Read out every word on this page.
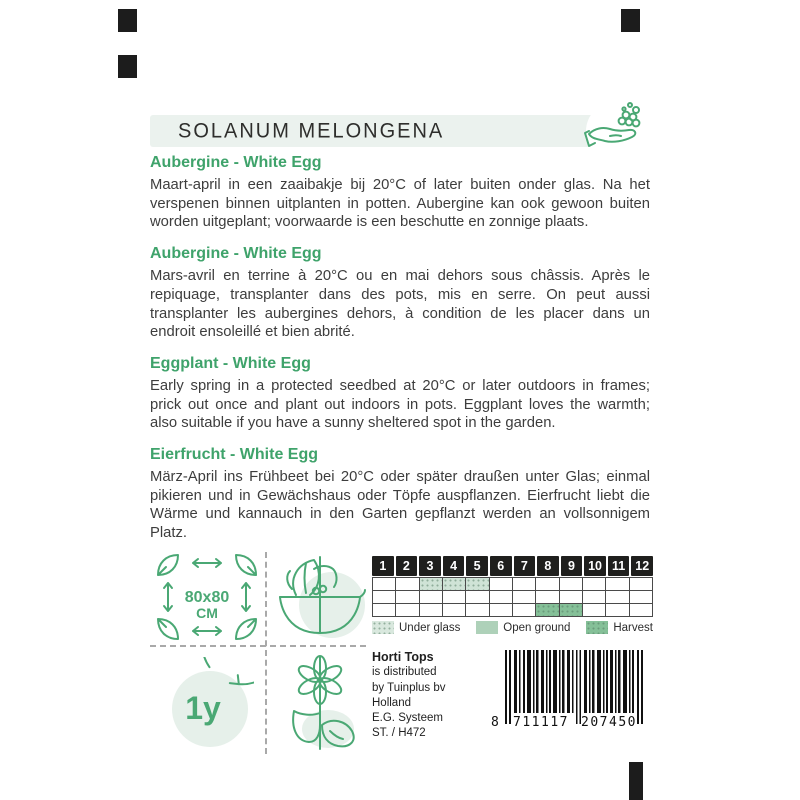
SOLANUM MELONGENA
Aubergine - White Egg

Maart-april in een zaaibakje bij 20°C of later buiten onder glas. Na het verspenen binnen uitplanten in potten. Aubergine kan ook gewoon buiten worden uitgeplant; voorwaarde is een beschutte en zonnige plaats.

Aubergine - White Egg

Mars-avril en terrine à 20°C ou en mai dehors sous châssis. Après le repiquage, transplanter dans des pots, mis en serre. On peut aussi transplanter les aubergines dehors, à condition de les placer dans un endroit ensoleillé et bien abrité.

Eggplant - White Egg

Early spring in a protected seedbed at 20°C or later outdoors in frames; prick out once and plant out indoors in pots. Eggplant loves the warmth; also suitable if you have a sunny sheltered spot in the garden.

Eierfrucht - White Egg

März-April ins Frühbeet bei 20°C oder später draußen unter Glas; einmal pikieren und in Gewächshaus oder Töpfe auspflanzen. Eierfrucht liebt die Wärme und kannauch in den Garten gepflanzt werden an vollsonnigem Platz.

80x80
CM
1y
1	2	3	4	5	6	7	8	9	10 11 12
Under glass	Open ground	Harvest
Horti Tops
is distributed
by Tuinplus bv
Holland
E.G. Systeem
ST. / H472
8 711117 207450
